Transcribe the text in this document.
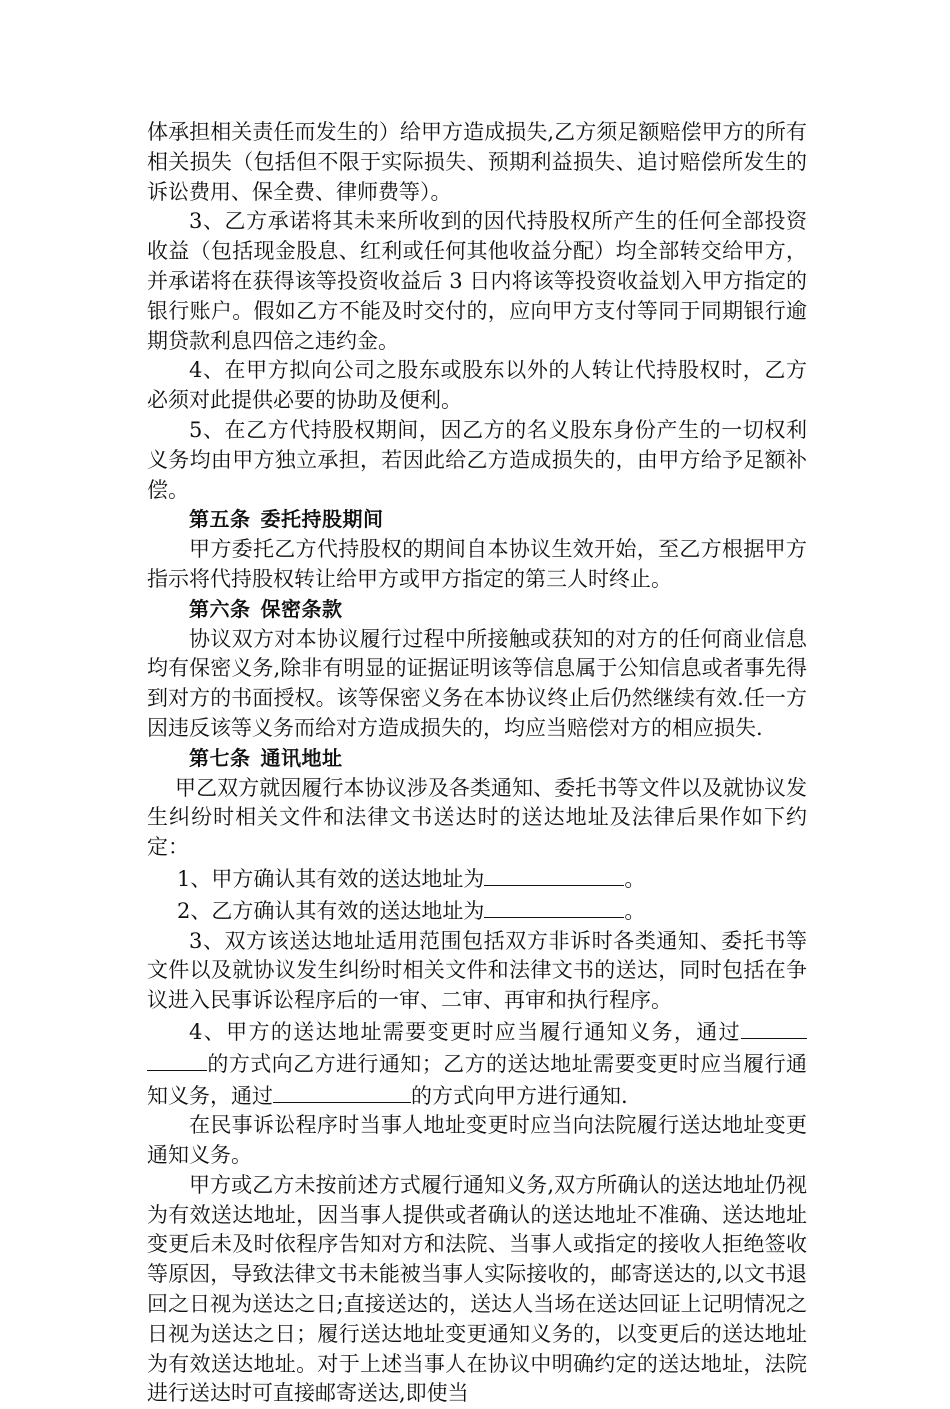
体承担相关责任而发生的）给甲方造成损失,乙方须足额赔偿甲方的所有相关损失（包括但不限于实际损失、预期利益损失、追讨赔偿所发生的诉讼费用、保全费、律师费等）。

3、乙方承诺将其未来所收到的因代持股权所产生的任何全部投资收益（包括现金股息、红利或任何其他收益分配）均全部转交给甲方，并承诺将在获得该等投资收益后 3 日内将该等投资收益划入甲方指定的银行账户。假如乙方不能及时交付的，应向甲方支付等同于同期银行逾期贷款利息四倍之违约金。

4、在甲方拟向公司之股东或股东以外的人转让代持股权时，乙方必须对此提供必要的协助及便利。

5、在乙方代持股权期间，因乙方的名义股东身份产生的一切权利义务均由甲方独立承担，若因此给乙方造成损失的，由甲方给予足额补偿。

第五条 委托持股期间

甲方委托乙方代持股权的期间自本协议生效开始，至乙方根据甲方指示将代持股权转让给甲方或甲方指定的第三人时终止。

第六条 保密条款

协议双方对本协议履行过程中所接触或获知的对方的任何商业信息均有保密义务,除非有明显的证据证明该等信息属于公知信息或者事先得到对方的书面授权。该等保密义务在本协议终止后仍然继续有效.任一方因违反该等义务而给对方造成损失的，均应当赔偿对方的相应损失.

第七条 通讯地址

甲乙双方就因履行本协议涉及各类通知、委托书等文件以及就协议发生纠纷时相关文件和法律文书送达时的送达地址及法律后果作如下约定：

1、甲方确认其有效的送达地址为	。

2、乙方确认其有效的送达地址为	。

3、双方该送达地址适用范围包括双方非诉时各类通知、委托书等文件以及就协议发生纠纷时相关文件和法律文书的送达，同时包括在争议进入民事诉讼程序后的一审、二审、再审和执行程序。

4、甲方的送达地址需要变更时应当履行通知义务，通过的方式向乙方进行通知；乙方的送达地址需要变更时应当履行通知义务，通过	的方式向甲方进行通知.

在民事诉讼程序时当事人地址变更时应当向法院履行送达地址变更通知义务。

甲方或乙方未按前述方式履行通知义务,双方所确认的送达地址仍视为有效送达地址，因当事人提供或者确认的送达地址不准确、送达地址变更后未及时依程序告知对方和法院、当事人或指定的接收人拒绝签收等原因，导致法律文书未能被当事人实际接收的，邮寄送达的,以文书退回之日视为送达之日;直接送达的，送达人当场在送达回证上记明情况之日视为送达之日；履行送达地址变更通知义务的，以变更后的送达地址为有效送达地址。对于上述当事人在协议中明确约定的送达地址，法院进行送达时可直接邮寄送达,即使当
